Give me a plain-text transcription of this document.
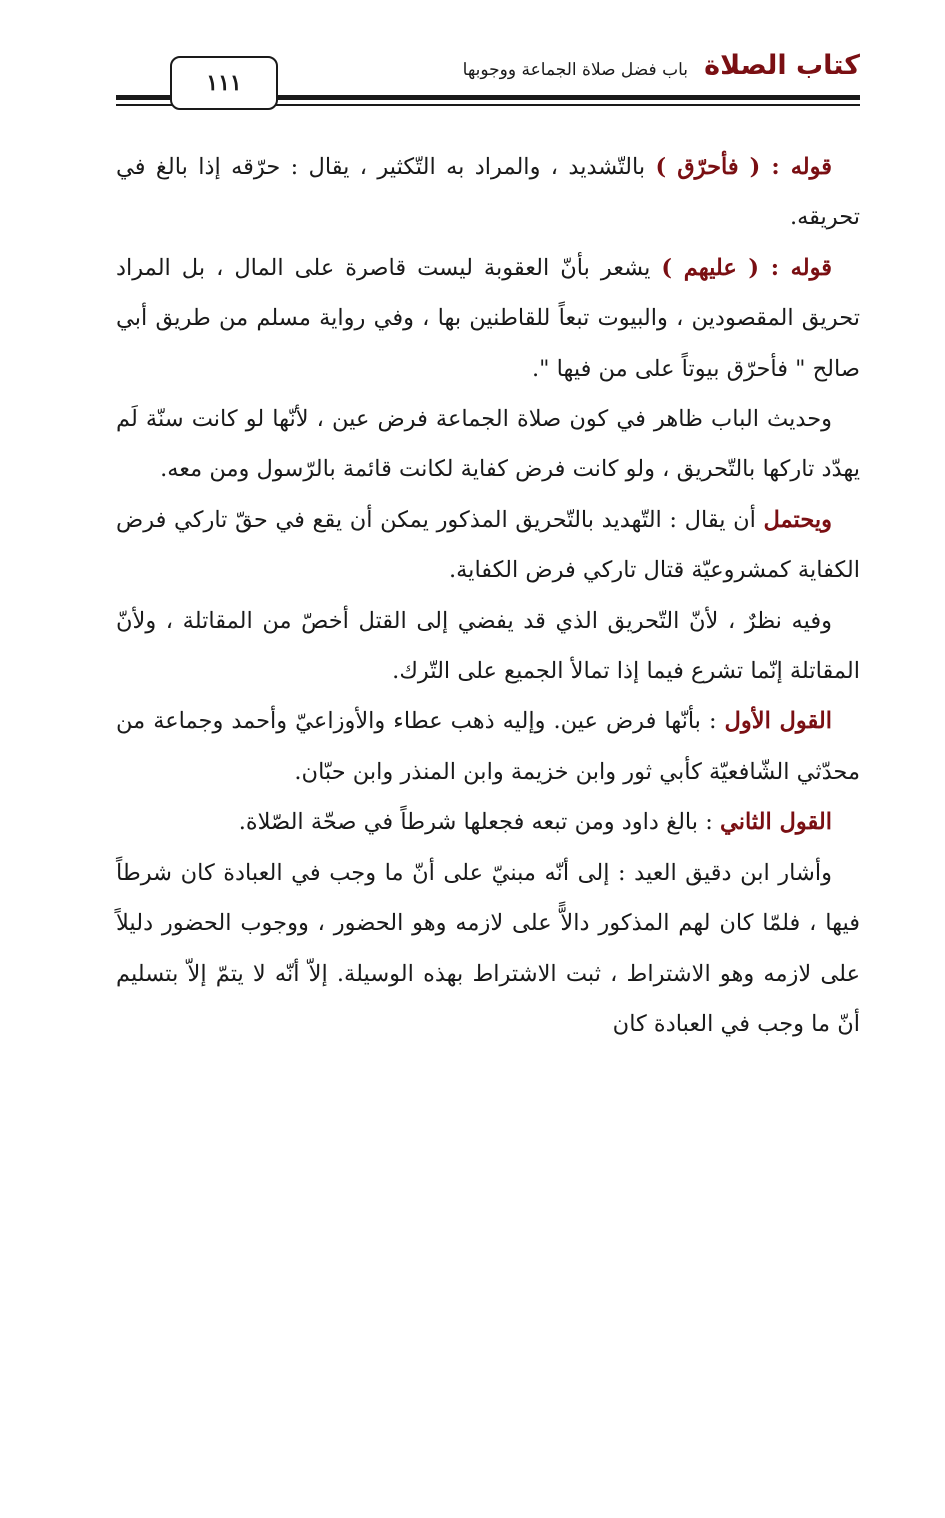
كتاب الصلاة
باب فضل صلاة الجماعة ووجوبها
١١١

قوله : ( فأحرّق ) بالتّشديد ، والمراد به التّكثير ، يقال : حرّقه إذا بالغ في تحريقه.

قوله : ( عليهم ) يشعر بأنّ العقوبة ليست قاصرة على المال ، بل المراد تحريق المقصودين ، والبيوت تبعاً للقاطنين بها ، وفي رواية مسلم من طريق أبي صالح " فأحرّق بيوتاً على من فيها ".

وحديث الباب ظاهر في كون صلاة الجماعة فرض عين ، لأنّها لو كانت سنّة لَم يهدّد تاركها بالتّحريق ، ولو كانت فرض كفاية لكانت قائمة بالرّسول ومن معه.

ويحتمل أن يقال : التّهديد بالتّحريق المذكور يمكن أن يقع في حقّ تاركي فرض الكفاية كمشروعيّة قتال تاركي فرض الكفاية.

وفيه نظرٌ ، لأنّ التّحريق الذي قد يفضي إلى القتل أخصّ من المقاتلة ، ولأنّ المقاتلة إنّما تشرع فيما إذا تمالأ الجميع على التّرك.

القول الأول : بأنّها فرض عين. وإليه ذهب عطاء والأوزاعيّ وأحمد وجماعة من محدّثي الشّافعيّة كأبي ثور وابن خزيمة وابن المنذر وابن حبّان.

القول الثاني : بالغ داود ومن تبعه فجعلها شرطاً في صحّة الصّلاة.

وأشار ابن دقيق العيد : إلى أنّه مبنيّ على أنّ ما وجب في العبادة كان شرطاً فيها ، فلمّا كان لهم المذكور دالاًّ على لازمه وهو الحضور ، ووجوب الحضور دليلاً على لازمه وهو الاشتراط ، ثبت الاشتراط بهذه الوسيلة. إلاّ أنّه لا يتمّ إلاّ بتسليم أنّ ما وجب في العبادة كان
